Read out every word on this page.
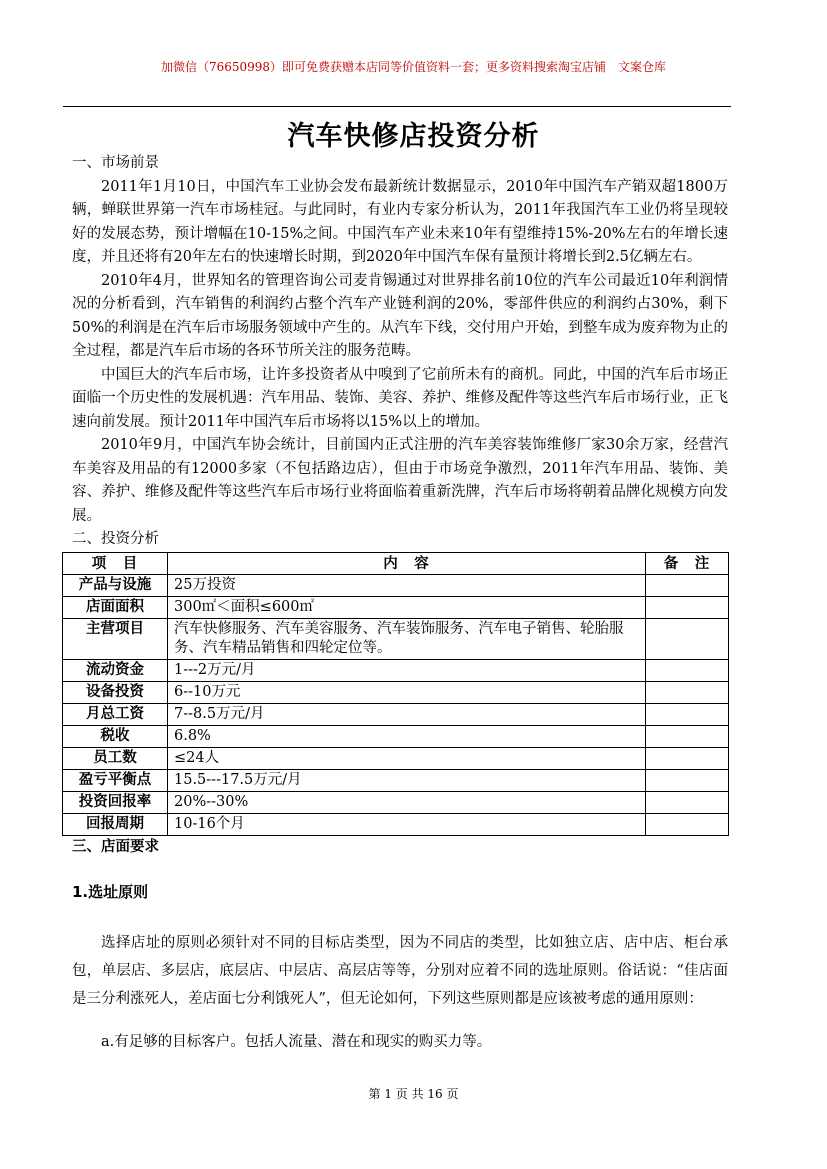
加微信（76650998）即可免费获赠本店同等价值资料一套；更多资料搜索淘宝店铺　文案仓库
汽车快修店投资分析

一、市场前景

2011年1月10日，中国汽车工业协会发布最新统计数据显示，2010年中国汽车产销双超1800万辆，蝉联世界第一汽车市场桂冠。与此同时，有业内专家分析认为，2011年我国汽车工业仍将呈现较好的发展态势，预计增幅在10-15%之间。中国汽车产业未来10年有望维持15%-20%左右的年增长速度，并且还将有20年左右的快速增长时期，到2020年中国汽车保有量预计将增长到2.5亿辆左右。

2010年4月，世界知名的管理咨询公司麦肯锡通过对世界排名前10位的汽车公司最近10年利润情况的分析看到，汽车销售的利润约占整个汽车产业链利润的20%，零部件供应的利润约占30%，剩下50%的利润是在汽车后市场服务领域中产生的。从汽车下线，交付用户开始，到整车成为废弃物为止的全过程，都是汽车后市场的各环节所关注的服务范畴。

中国巨大的汽车后市场，让许多投资者从中嗅到了它前所未有的商机。同此，中国的汽车后市场正面临一个历史性的发展机遇：汽车用品、装饰、美容、养护、维修及配件等这些汽车后市场行业，正飞速向前发展。预计2011年中国汽车后市场将以15%以上的增加。

2010年9月，中国汽车协会统计，目前国内正式注册的汽车美容装饰维修厂家30余万家，经营汽车美容及用品的有12000多家（不包括路边店），但由于市场竞争激烈，2011年汽车用品、装饰、美容、养护、维修及配件等这些汽车后市场行业将面临着重新洗牌，汽车后市场将朝着品牌化规模方向发展。

二、投资分析

项　目	内　容	备　注
产品与设施	25万投资	
店面面积	300㎡＜面积≤600㎡	
主营项目	汽车快修服务、汽车美容服务、汽车装饰服务、汽车电子销售、轮胎服务、汽车精品销售和四轮定位等。	
流动资金	1---2万元/月	
设备投资	6--10万元	
月总工资	7--8.5万元/月	
税收	6.8%	
员工数	≤24人	
盈亏平衡点	15.5---17.5万元/月	
投资回报率	20%--30%	
回报周期	10-16个月	

三、店面要求

1.选址原则

选择店址的原则必须针对不同的目标店类型，因为不同店的类型，比如独立店、店中店、柜台承包，单层店、多层店，底层店、中层店、高层店等等，分别对应着不同的选址原则。俗话说：“佳店面是三分利涨死人，差店面七分利饿死人”，但无论如何，下列这些原则都是应该被考虑的通用原则：

a.有足够的目标客户。包括人流量、潜在和现实的购买力等。

第 1 页 共 16 页
